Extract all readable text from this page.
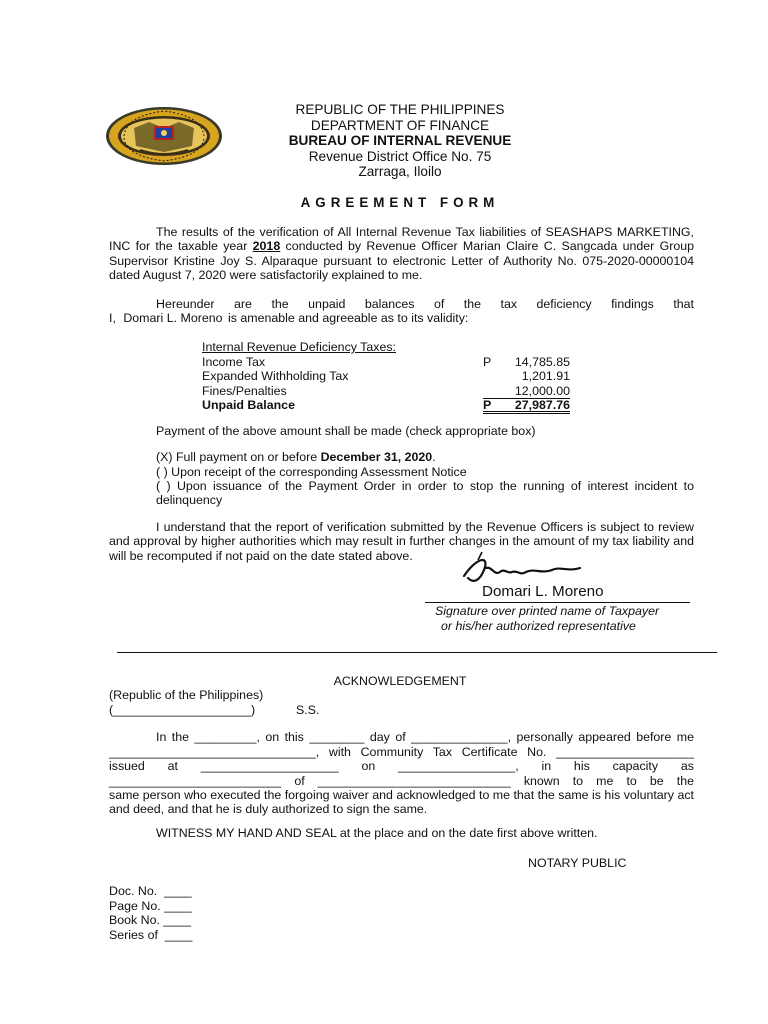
REPUBLIC OF THE PHILIPPINES
DEPARTMENT OF FINANCE
BUREAU OF INTERNAL REVENUE
Revenue District Office No. 75
Zarraga, Iloilo
AGREEMENT FORM
The results of the verification of All Internal Revenue Tax liabilities of SEASHAPS MARKETING, INC for the taxable year 2018 conducted by Revenue Officer Marian Claire C. Sangcada under Group Supervisor Kristine Joy S. Alparaque pursuant to electronic Letter of Authority No. 075-2020-00000104 dated August 7, 2020 were satisfactorily explained to me.
Hereunder are the unpaid balances of the tax deficiency findings that
I, Domari L. Moreno is amenable and agreeable as to its validity:
Internal Revenue Deficiency Taxes:
Income Tax	P 14,785.85
Expanded Withholding Tax	1,201.91
Fines/Penalties	12,000.00
Unpaid Balance	P 27,987.76
Payment of the above amount shall be made (check appropriate box)
(X) Full payment on or before December 31, 2020.
( ) Upon receipt of the corresponding Assessment Notice
( ) Upon issuance of the Payment Order in order to stop the running of interest incident to delinquency
I understand that the report of verification submitted by the Revenue Officers is subject to review and approval by higher authorities which may result in further changes in the amount of my tax liability and will be recomputed if not paid on the date stated above.
Domari L. Moreno
Signature over printed name of Taxpayer
or his/her authorized representative
ACKNOWLEDGEMENT
(Republic of the Philippines)
(____________________)	S.S.
In the _________, on this ________ day of ______________, personally appeared before me
______________________________, with Community Tax Certificate No. ____________________
issued at ____________________ on _________________, in his capacity as
_________________________ of ____________________________ known to me to be the
same person who executed the forgoing waiver and acknowledged to me that the same is his voluntary act and deed, and that he is duly authorized to sign the same.
WITNESS MY HAND AND SEAL at the place and on the date first above written.
NOTARY PUBLIC
Doc. No.  ____
Page No. ____
Book No. ____
Series of  ____
